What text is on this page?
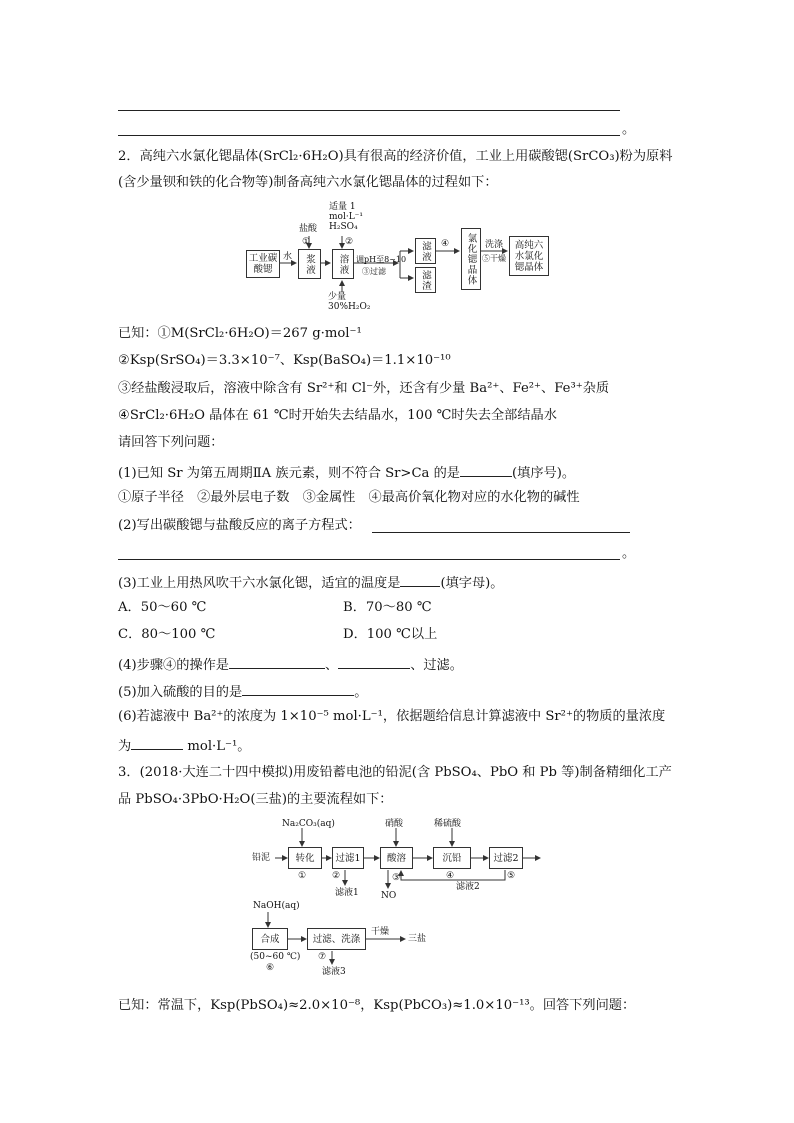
。
2．高纯六水氯化锶晶体(SrCl₂·6H₂O)具有很高的经济价值，工业上用碳酸锶(SrCO₃)粉为原料
(含少量钡和铁的化合物等)制备高纯六水氯化锶晶体的过程如下：
工业碳酸锶
水
盐酸
①
浆液
适量 1 mol·L⁻¹ H₂SO₄
溶液
②
调pH至8~10
③过滤
少量 30%H₂O₂
滤液
滤渣
④ 氯化锶晶体 洗涤
⑤干燥
高纯六水氯化锶晶体
已知：①M(SrCl₂·6H₂O)＝267 g·mol⁻¹
②Ksp(SrSO₄)＝3.3×10⁻⁷、Ksp(BaSO₄)＝1.1×10⁻¹⁰
③经盐酸浸取后，溶液中除含有 Sr²⁺和 Cl⁻外，还含有少量 Ba²⁺、Fe²⁺、Fe³⁺杂质
④SrCl₂·6H₂O 晶体在 61 ℃时开始失去结晶水，100 ℃时失去全部结晶水
请回答下列问题：
(1)已知 Sr 为第五周期ⅡA 族元素，则不符合 Sr>Ca 的是	(填序号)。
①原子半径　②最外层电子数　③金属性　④最高价氧化物对应的水化物的碱性
(2)写出碳酸锶与盐酸反应的离子方程式：
。
(3)工业上用热风吹干六水氯化锶，适宜的温度是	(填字母)。
A．50～60 ℃	B．70～80 ℃
C．80～100 ℃	D．100 ℃以上
(4)步骤④的操作是	、	、过滤。
(5)加入硫酸的目的是	。
(6)若滤液中 Ba²⁺的浓度为 1×10⁻⁵ mol·L⁻¹，依据题给信息计算滤液中 Sr²⁺的物质的量浓度
为	mol·L⁻¹。
3．(2018·大连二十四中模拟)用废铅蓄电池的铅泥(含 PbSO₄、PbO 和 Pb 等)制备精细化工产
品 PbSO₄·3PbO·H₂O(三盐)的主要流程如下：
Na₂CO₃(aq)	硝酸	稀硫酸
铅泥	转化 过滤1	酸溶	沉铅	过滤2
①	②	③	④	⑤
滤液1 NO
滤液2
NaOH(aq)
合成	过滤、洗涤
干燥
三盐
(50~60 ℃)
⑥
⑦
滤液3
已知：常温下，Ksp(PbSO₄)≈2.0×10⁻⁸，Ksp(PbCO₃)≈1.0×10⁻¹³。回答下列问题：
